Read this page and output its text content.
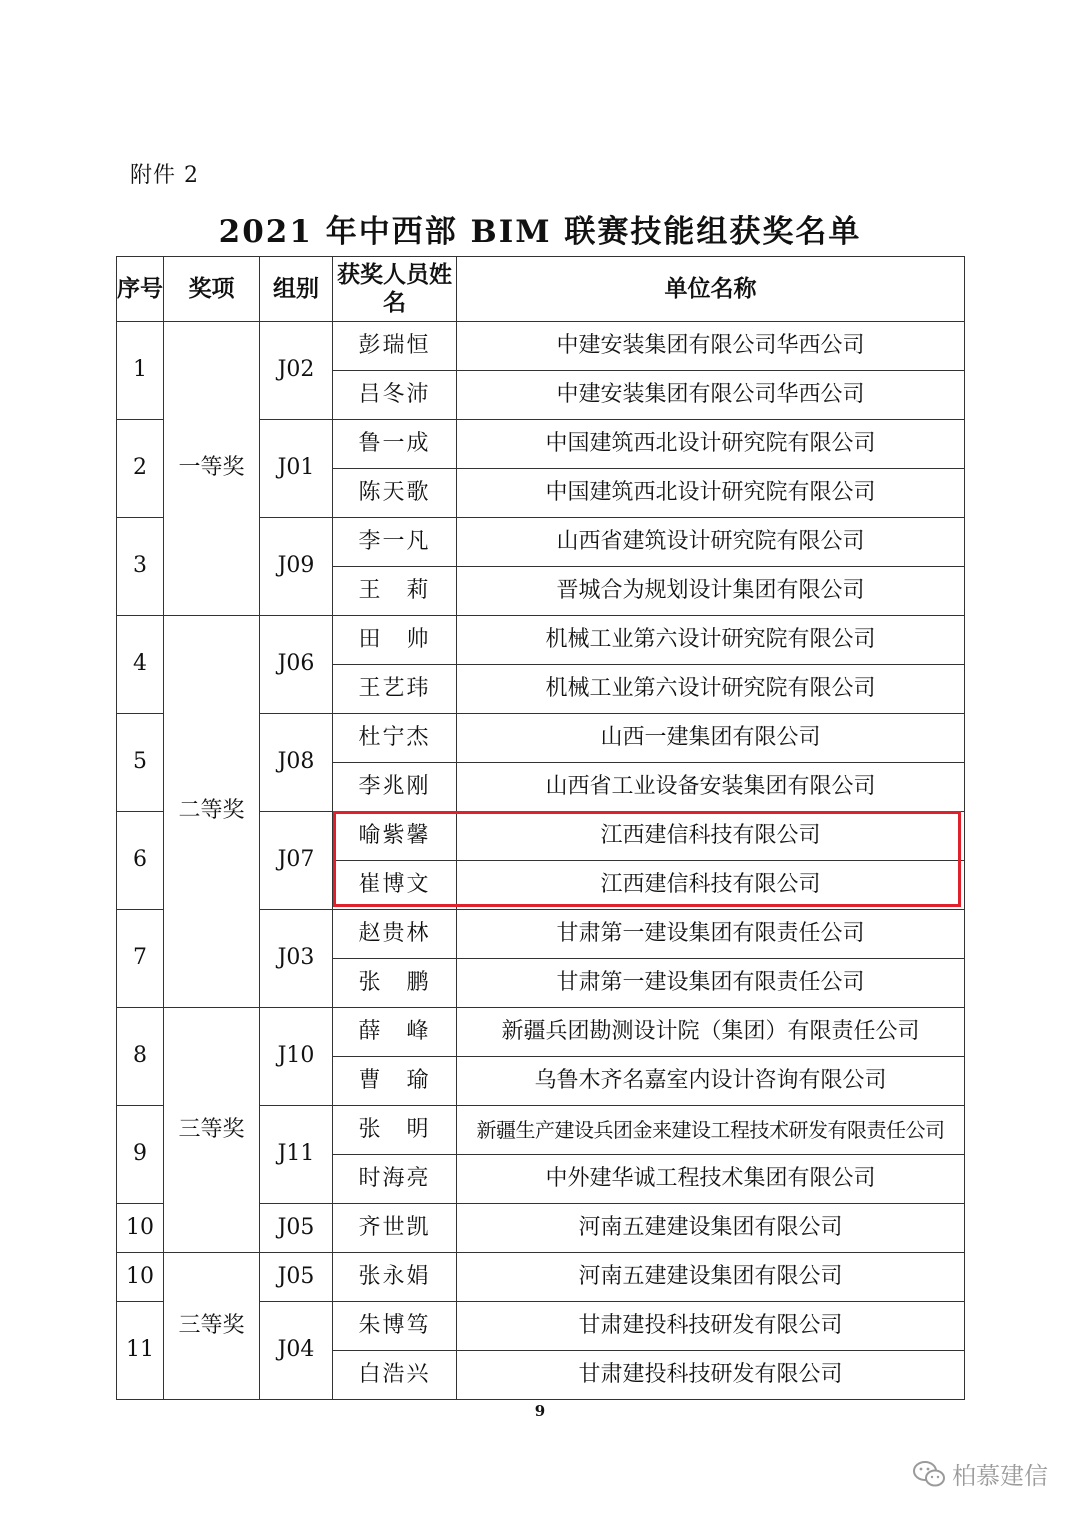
附件 2
2021 年中西部 BIM 联赛技能组获奖名单
序号	奖项	组别	获奖人员姓名	单位名称
1	一等奖	J02	彭瑞恒	中建安装集团有限公司华西公司
			吕冬沛	中建安装集团有限公司华西公司
2		J01	鲁一成	中国建筑西北设计研究院有限公司
			陈天歌	中国建筑西北设计研究院有限公司
3		J09	李一凡	山西省建筑设计研究院有限公司
			王　莉	晋城合为规划设计集团有限公司
4	二等奖	J06	田　帅	机械工业第六设计研究院有限公司
			王艺玮	机械工业第六设计研究院有限公司
5		J08	杜宁杰	山西一建集团有限公司
			李兆刚	山西省工业设备安装集团有限公司
6		J07	喻紫馨	江西建信科技有限公司
			崔博文	江西建信科技有限公司
7		J03	赵贵林	甘肃第一建设集团有限责任公司
			张　鹏	甘肃第一建设集团有限责任公司
8	三等奖	J10	薛　峰	新疆兵团勘测设计院（集团）有限责任公司
			曹　瑜	乌鲁木齐名嘉室内设计咨询有限公司
9		J11	张　明	新疆生产建设兵团金来建设工程技术研发有限责任公司
			时海亮	中外建华诚工程技术集团有限公司
10		J05	齐世凯	河南五建建设集团有限公司
10	三等奖	J05	张永娟	河南五建建设集团有限公司
11		J04	朱博笃	甘肃建投科技研发有限公司
			白浩兴	甘肃建投科技研发有限公司
9
柏慕建信
